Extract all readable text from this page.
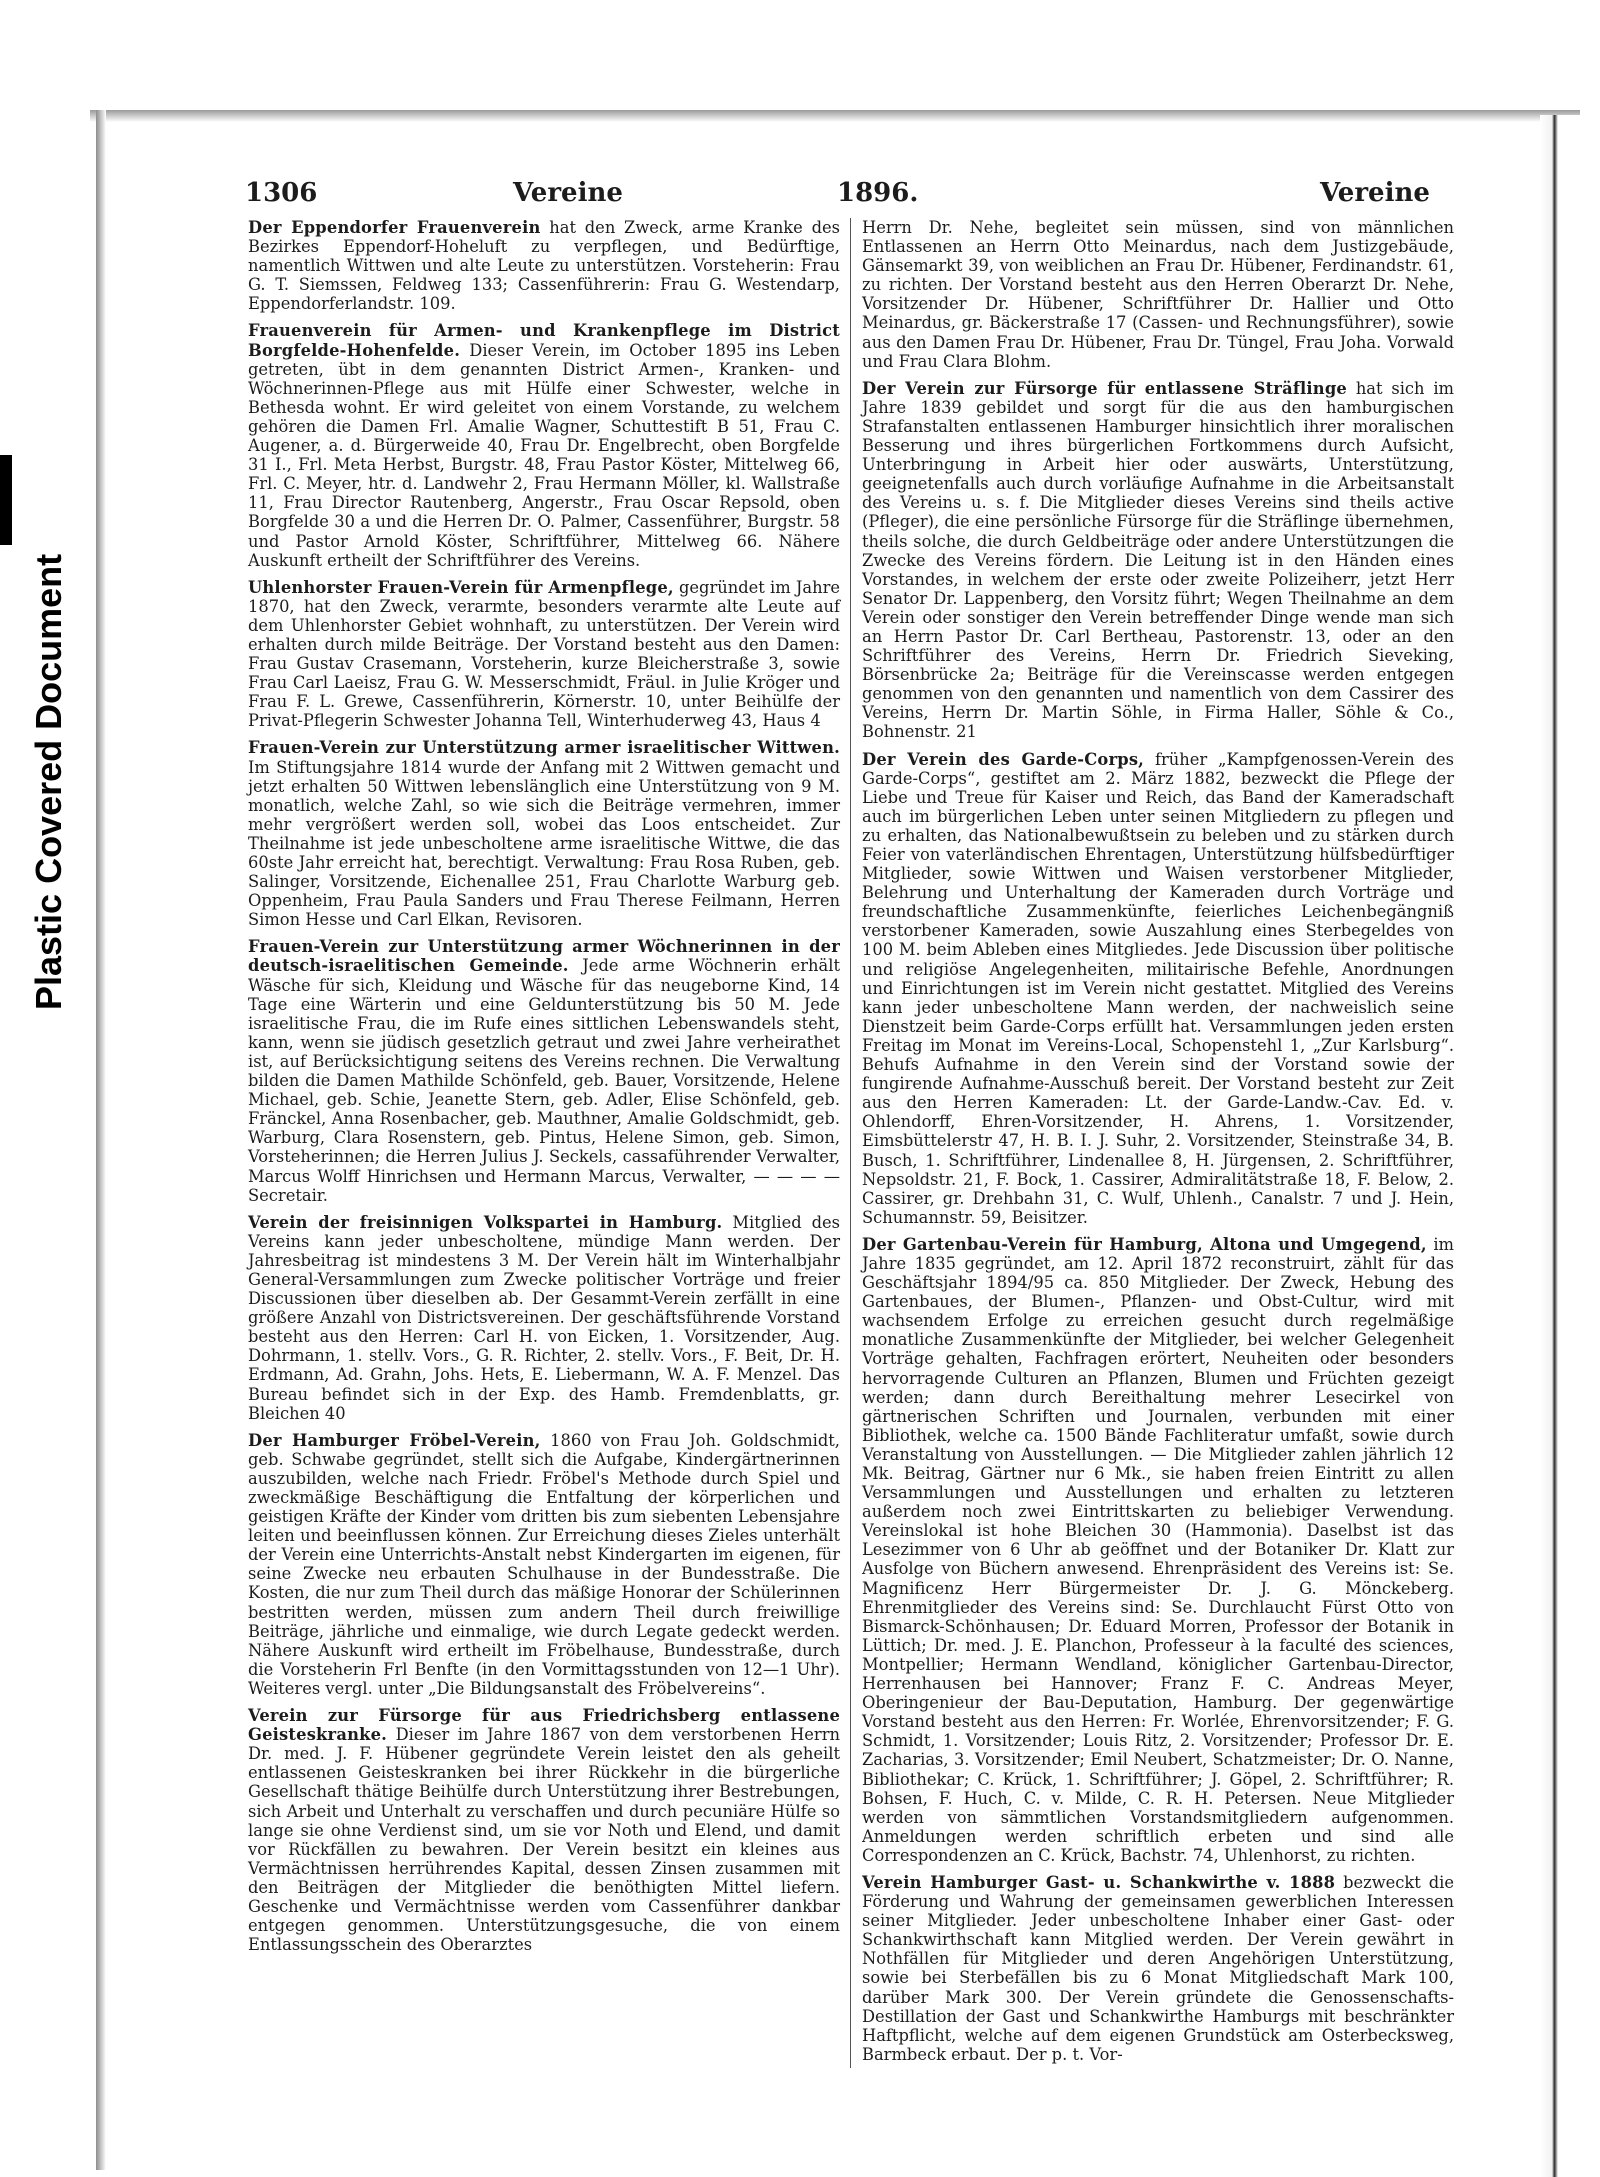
Plastic Covered Document
1306	Vereine	1896.	Vereine

Der Eppendorfer Frauenverein hat den Zweck, arme Kranke des Bezirkes Eppendorf-Hoheluft zu verpflegen, und Bedürftige, namentlich Wittwen und alte Leute zu unterstützen. Vorsteherin: Frau G. T. Siemssen, Feldweg 133; Cassenführerin: Frau G. Westendarp, Eppendorferlandstr. 109.

Frauenverein für Armen- und Krankenpflege im District Borgfelde-Hohenfelde. Dieser Verein, im October 1895 ins Leben getreten, übt in dem genannten District Armen-, Kranken- und Wöchnerinnen-Pflege aus mit Hülfe einer Schwester, welche in Bethesda wohnt. Er wird geleitet von einem Vorstande, zu welchem gehören die Damen Frl. Amalie Wagner, Schuttestift B 51, Frau C. Augener, a. d. Bürgerweide 40, Frau Dr. Engelbrecht, oben Borgfelde 31 I., Frl. Meta Herbst, Burgstr. 48, Frau Pastor Köster, Mittelweg 66, Frl. C. Meyer, htr. d. Landwehr 2, Frau Hermann Möller, kl. Wallstraße 11, Frau Director Rautenberg, Angerstr., Frau Oscar Repsold, oben Borgfelde 30 a und die Herren Dr. O. Palmer, Cassenführer, Burgstr. 58 und Pastor Arnold Köster, Schriftführer, Mittelweg 66. Nähere Auskunft ertheilt der Schriftführer des Vereins.

Uhlenhorster Frauen-Verein für Armenpflege, gegründet im Jahre 1870, hat den Zweck, verarmte, besonders verarmte alte Leute auf dem Uhlenhorster Gebiet wohnhaft, zu unterstützen. Der Verein wird erhalten durch milde Beiträge. Der Vorstand besteht aus den Damen: Frau Gustav Crasemann, Vorsteherin, kurze Bleicherstraße 3, sowie Frau Carl Laeisz, Frau G. W. Messerschmidt, Fräul. in Julie Kröger und Frau F. L. Grewe, Cassenführerin, Körnerstr. 10, unter Beihülfe der Privat-Pflegerin Schwester Johanna Tell, Winterhuderweg 43, Haus 4

Frauen-Verein zur Unterstützung armer israelitischer Wittwen. Im Stiftungsjahre 1814 wurde der Anfang mit 2 Wittwen gemacht und jetzt erhalten 50 Wittwen lebenslänglich eine Unterstützung von 9 M. monatlich, welche Zahl, so wie sich die Beiträge vermehren, immer mehr vergrößert werden soll, wobei das Loos entscheidet. Zur Theilnahme ist jede unbescholtene arme israelitische Wittwe, die das 60ste Jahr erreicht hat, berechtigt. Verwaltung: Frau Rosa Ruben, geb. Salinger, Vorsitzende, Eichenallee 251, Frau Charlotte Warburg geb. Oppenheim, Frau Paula Sanders und Frau Therese Feilmann, Herren Simon Hesse und Carl Elkan, Revisoren.

Frauen-Verein zur Unterstützung armer Wöchnerinnen in der deutsch-israelitischen Gemeinde. Jede arme Wöchnerin erhält Wäsche für sich, Kleidung und Wäsche für das neugeborne Kind, 14 Tage eine Wärterin und eine Geldunterstützung bis 50 M. Jede israelitische Frau, die im Rufe eines sittlichen Lebenswandels steht, kann, wenn sie jüdisch gesetzlich getraut und zwei Jahre verheirathet ist, auf Berücksichtigung seitens des Vereins rechnen. Die Verwaltung bilden die Damen Mathilde Schönfeld, geb. Bauer, Vorsitzende, Helene Michael, geb. Schie, Jeanette Stern, geb. Adler, Elise Schönfeld, geb. Fränckel, Anna Rosenbacher, geb. Mauthner, Amalie Goldschmidt, geb. Warburg, Clara Rosenstern, geb. Pintus, Helene Simon, geb. Simon, Vorsteherinnen; die Herren Julius J. Seckels, cassaführender Verwalter, Marcus Wolff Hinrichsen und Hermann Marcus, Verwalter, — — — — Secretair.

Verein der freisinnigen Volkspartei in Hamburg. Mitglied des Vereins kann jeder unbescholtene, mündige Mann werden. Der Jahresbeitrag ist mindestens 3 M. Der Verein hält im Winterhalbjahr General-Versammlungen zum Zwecke politischer Vorträge und freier Discussionen über dieselben ab. Der Gesammt-Verein zerfällt in eine größere Anzahl von Districtsvereinen. Der geschäftsführende Vorstand besteht aus den Herren: Carl H. von Eicken, 1. Vorsitzender, Aug. Dohrmann, 1. stellv. Vors., G. R. Richter, 2. stellv. Vors., F. Beit, Dr. H. Erdmann, Ad. Grahn, Johs. Hets, E. Liebermann, W. A. F. Menzel. Das Bureau befindet sich in der Exp. des Hamb. Fremdenblatts, gr. Bleichen 40

Der Hamburger Fröbel-Verein, 1860 von Frau Joh. Goldschmidt, geb. Schwabe gegründet, stellt sich die Aufgabe, Kindergärtnerinnen auszubilden, welche nach Friedr. Fröbel's Methode durch Spiel und zweckmäßige Beschäftigung die Entfaltung der körperlichen und geistigen Kräfte der Kinder vom dritten bis zum siebenten Lebensjahre leiten und beeinflussen können. Zur Erreichung dieses Zieles unterhält der Verein eine Unterrichts-Anstalt nebst Kindergarten im eigenen, für seine Zwecke neu erbauten Schulhause in der Bundesstraße. Die Kosten, die nur zum Theil durch das mäßige Honorar der Schülerinnen bestritten werden, müssen zum andern Theil durch freiwillige Beiträge, jährliche und einmalige, wie durch Legate gedeckt werden. Nähere Auskunft wird ertheilt im Fröbelhause, Bundesstraße, durch die Vorsteherin Frl Benfte (in den Vormittagsstunden von 12—1 Uhr). Weiteres vergl. unter „Die Bildungsanstalt des Fröbelvereins“.

Verein zur Fürsorge für aus Friedrichsberg entlassene Geisteskranke. Dieser im Jahre 1867 von dem verstorbenen Herrn Dr. med. J. F. Hübener gegründete Verein leistet den als geheilt entlassenen Geisteskranken bei ihrer Rückkehr in die bürgerliche Gesellschaft thätige Beihülfe durch Unterstützung ihrer Bestrebungen, sich Arbeit und Unterhalt zu verschaffen und durch pecuniäre Hülfe so lange sie ohne Verdienst sind, um sie vor Noth und Elend, und damit vor Rückfällen zu bewahren. Der Verein besitzt ein kleines aus Vermächtnissen herrührendes Kapital, dessen Zinsen zusammen mit den Beiträgen der Mitglieder die benöthigten Mittel liefern. Geschenke und Vermächtnisse werden vom Cassenführer dankbar entgegen genommen. Unterstützungsgesuche, die von einem Entlassungsschein des Oberarztes

Herrn Dr. Nehe, begleitet sein müssen, sind von männlichen Entlassenen an Herrn Otto Meinardus, nach dem Justizgebäude, Gänsemarkt 39, von weiblichen an Frau Dr. Hübener, Ferdinandstr. 61, zu richten. Der Vorstand besteht aus den Herren Oberarzt Dr. Nehe, Vorsitzender Dr. Hübener, Schriftführer Dr. Hallier und Otto Meinardus, gr. Bäckerstraße 17 (Cassen- und Rechnungsführer), sowie aus den Damen Frau Dr. Hübener, Frau Dr. Tüngel, Frau Joha. Vorwald und Frau Clara Blohm.

Der Verein zur Fürsorge für entlassene Sträflinge hat sich im Jahre 1839 gebildet und sorgt für die aus den hamburgischen Strafanstalten entlassenen Hamburger hinsichtlich ihrer moralischen Besserung und ihres bürgerlichen Fortkommens durch Aufsicht, Unterbringung in Arbeit hier oder auswärts, Unterstützung, geeignetenfalls auch durch vorläufige Aufnahme in die Arbeitsanstalt des Vereins u. s. f. Die Mitglieder dieses Vereins sind theils active (Pfleger), die eine persönliche Fürsorge für die Sträflinge übernehmen, theils solche, die durch Geldbeiträge oder andere Unterstützungen die Zwecke des Vereins fördern. Die Leitung ist in den Händen eines Vorstandes, in welchem der erste oder zweite Polizeiherr, jetzt Herr Senator Dr. Lappenberg, den Vorsitz führt; Wegen Theilnahme an dem Verein oder sonstiger den Verein betreffender Dinge wende man sich an Herrn Pastor Dr. Carl Bertheau, Pastorenstr. 13, oder an den Schriftführer des Vereins, Herrn Dr. Friedrich Sieveking, Börsenbrücke 2a; Beiträge für die Vereinscasse werden entgegen genommen von den genannten und namentlich von dem Cassirer des Vereins, Herrn Dr. Martin Söhle, in Firma Haller, Söhle & Co., Bohnenstr. 21

Der Verein des Garde-Corps, früher „Kampfgenossen-Verein des Garde-Corps“, gestiftet am 2. März 1882, bezweckt die Pflege der Liebe und Treue für Kaiser und Reich, das Band der Kameradschaft auch im bürgerlichen Leben unter seinen Mitgliedern zu pflegen und zu erhalten, das Nationalbewußtsein zu beleben und zu stärken durch Feier von vaterländischen Ehrentagen, Unterstützung hülfsbedürftiger Mitglieder, sowie Wittwen und Waisen verstorbener Mitglieder, Belehrung und Unterhaltung der Kameraden durch Vorträge und freundschaftliche Zusammenkünfte, feierliches Leichenbegängniß verstorbener Kameraden, sowie Auszahlung eines Sterbegeldes von 100 M. beim Ableben eines Mitgliedes. Jede Discussion über politische und religiöse Angelegenheiten, militairische Befehle, Anordnungen und Einrichtungen ist im Verein nicht gestattet. Mitglied des Vereins kann jeder unbescholtene Mann werden, der nachweislich seine Dienstzeit beim Garde-Corps erfüllt hat. Versammlungen jeden ersten Freitag im Monat im Vereins-Local, Schopenstehl 1, „Zur Karlsburg“. Behufs Aufnahme in den Verein sind der Vorstand sowie der fungirende Aufnahme-Ausschuß bereit. Der Vorstand besteht zur Zeit aus den Herren Kameraden: Lt. der Garde-Landw.-Cav. Ed. v. Ohlendorff, Ehren-Vorsitzender, H. Ahrens, 1. Vorsitzender, Eimsbüttelerstr 47, H. B. I. J. Suhr, 2. Vorsitzender, Steinstraße 34, B. Busch, 1. Schriftführer, Lindenallee 8, H. Jürgensen, 2. Schriftführer, Nepsoldstr. 21, F. Bock, 1. Cassirer, Admiralitätstraße 18, F. Below, 2. Cassirer, gr. Drehbahn 31, C. Wulf, Uhlenh., Canalstr. 7 und J. Hein, Schumannstr. 59, Beisitzer.

Der Gartenbau-Verein für Hamburg, Altona und Umgegend, im Jahre 1835 gegründet, am 12. April 1872 reconstruirt, zählt für das Geschäftsjahr 1894/95 ca. 850 Mitglieder. Der Zweck, Hebung des Gartenbaues, der Blumen-, Pflanzen- und Obst-Cultur, wird mit wachsendem Erfolge zu erreichen gesucht durch regelmäßige monatliche Zusammenkünfte der Mitglieder, bei welcher Gelegenheit Vorträge gehalten, Fachfragen erörtert, Neuheiten oder besonders hervorragende Culturen an Pflanzen, Blumen und Früchten gezeigt werden; dann durch Bereithaltung mehrer Lesecirkel von gärtnerischen Schriften und Journalen, verbunden mit einer Bibliothek, welche ca. 1500 Bände Fachliteratur umfaßt, sowie durch Veranstaltung von Ausstellungen. — Die Mitglieder zahlen jährlich 12 Mk. Beitrag, Gärtner nur 6 Mk., sie haben freien Eintritt zu allen Versammlungen und Ausstellungen und erhalten zu letzteren außerdem noch zwei Eintrittskarten zu beliebiger Verwendung. Vereinslokal ist hohe Bleichen 30 (Hammonia). Daselbst ist das Lesezimmer von 6 Uhr ab geöffnet und der Botaniker Dr. Klatt zur Ausfolge von Büchern anwesend. Ehrenpräsident des Vereins ist: Se. Magnificenz Herr Bürgermeister Dr. J. G. Mönckeberg. Ehrenmitglieder des Vereins sind: Se. Durchlaucht Fürst Otto von Bismarck-Schönhausen; Dr. Eduard Morren, Professor der Botanik in Lüttich; Dr. med. J. E. Planchon, Professeur à la faculté des sciences, Montpellier; Hermann Wendland, königlicher Gartenbau-Director, Herrenhausen bei Hannover; Franz F. C. Andreas Meyer, Oberingenieur der Bau-Deputation, Hamburg. Der gegenwärtige Vorstand besteht aus den Herren: Fr. Worlée, Ehrenvorsitzender; F. G. Schmidt, 1. Vorsitzender; Louis Ritz, 2. Vorsitzender; Professor Dr. E. Zacharias, 3. Vorsitzender; Emil Neubert, Schatzmeister; Dr. O. Nanne, Bibliothekar; C. Krück, 1. Schriftführer; J. Göpel, 2. Schriftführer; R. Bohsen, F. Huch, C. v. Milde, C. R. H. Petersen. Neue Mitglieder werden von sämmtlichen Vorstandsmitgliedern aufgenommen. Anmeldungen werden schriftlich erbeten und sind alle Correspondenzen an C. Krück, Bachstr. 74, Uhlenhorst, zu richten.

Verein Hamburger Gast- u. Schankwirthe v. 1888 bezweckt die Förderung und Wahrung der gemeinsamen gewerblichen Interessen seiner Mitglieder. Jeder unbescholtene Inhaber einer Gast- oder Schankwirthschaft kann Mitglied werden. Der Verein gewährt in Nothfällen für Mitglieder und deren Angehörigen Unterstützung, sowie bei Sterbefällen bis zu 6 Monat Mitgliedschaft Mark 100, darüber Mark 300. Der Verein gründete die Genossenschafts-Destillation der Gast und Schankwirthe Hamburgs mit beschränkter Haftpflicht, welche auf dem eigenen Grundstück am Osterbecksweg, Barmbeck erbaut. Der p. t. Vor-
